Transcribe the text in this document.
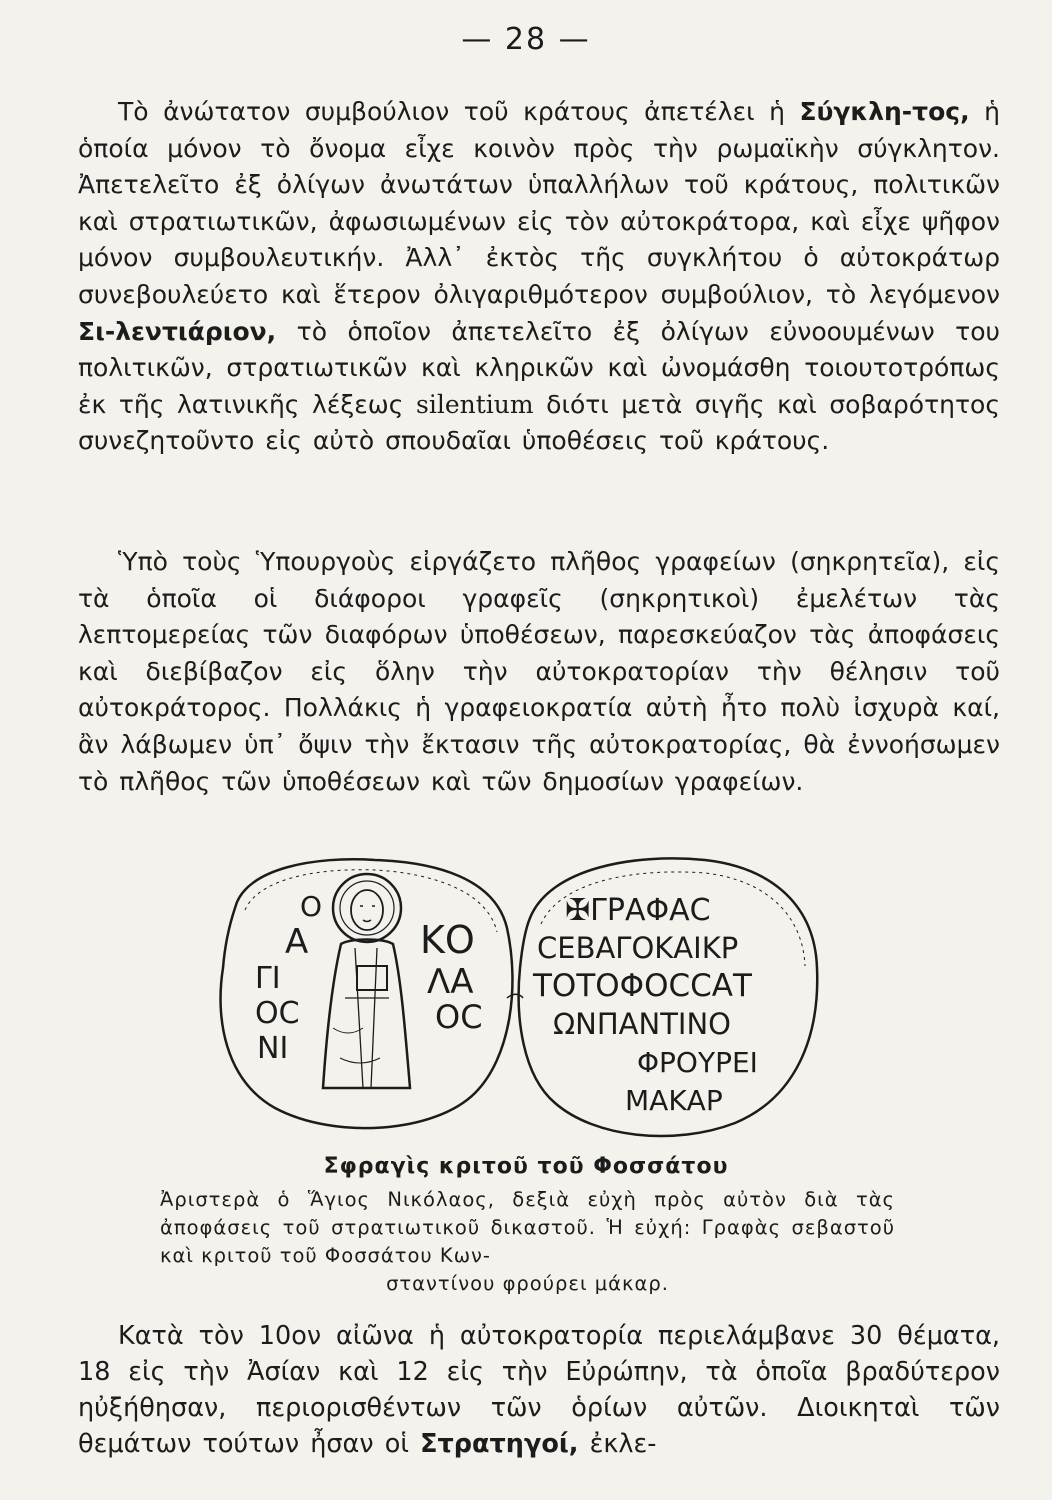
— 28 —

Τὸ ἀνώτατον συμβούλιον τοῦ κράτους ἀπετέλει ἡ Σύγκλη-τος, ἡ ὁποία μόνον τὸ ὄνομα εἶχε κοινὸν πρὸς τὴν ρωμαϊκὴν σύγκλητον. Ἀπετελεῖτο ἐξ ὀλίγων ἀνωτάτων ὑπαλλήλων τοῦ κράτους, πολιτικῶν καὶ στρατιωτικῶν, ἀφωσιωμένων εἰς τὸν αὐτοκράτορα, καὶ εἶχε ψῆφον μόνον συμβουλευτικήν. Ἀλλ᾽ ἐκτὸς τῆς συγκλήτου ὁ αὐτοκράτωρ συνεβουλεύετο καὶ ἕτερον ὀλιγαριθμότερον συμβούλιον, τὸ λεγόμενον Σι-λεντιάριον, τὸ ὁποῖον ἀπετελεῖτο ἐξ ὀλίγων εὐνοουμένων του πολιτικῶν, στρατιωτικῶν καὶ κληρικῶν καὶ ὠνομάσθη τοιουτοτρόπως ἐκ τῆς λατινικῆς λέξεως silentium διότι μετὰ σιγῆς καὶ σοβαρότητος συνεζητοῦντο εἰς αὐτὸ σπουδαῖαι ὑποθέσεις τοῦ κράτους.

Ὑπὸ τοὺς Ὑπουργοὺς εἰργάζετο πλῆθος γραφείων (σηκρητεῖα), εἰς τὰ ὁποῖα οἱ διάφοροι γραφεῖς (σηκρητικοὶ) ἐμελέτων τὰς λεπτομερείας τῶν διαφόρων ὑποθέσεων, παρεσκεύαζον τὰς ἀποφάσεις καὶ διεβίβαζον εἰς ὅλην τὴν αὐτοκρατορίαν τὴν θέλησιν τοῦ αὐτοκράτορος. Πολλάκις ἡ γραφειοκρατία αὐτὴ ἦτο πολὺ ἰσχυρὰ καί, ἂν λάβωμεν ὑπ᾽ ὄψιν τὴν ἔκτασιν τῆς αὐτοκρατορίας, θὰ ἐννοήσωμεν τὸ πλῆθος τῶν ὑποθέσεων καὶ τῶν δημοσίων γραφείων.

Ο
Α
ΓΙ
ΟC
ΝΙ
ΚΟ
ΛΑ
ΟC
✠ΓΡΑΦΑC
CΕΒΑΓΟΚΑΙΚΡ
ΤΟΤΟΦΟCCΑΤ
ΩΝΠΑΝΤΙΝΟ
ΦΡΟΥΡΕΙ
ΜΑΚΑΡ
Σφραγὶς κριτοῦ τοῦ Φοσσάτου

Ἀριστερὰ ὁ Ἅγιος Νικόλαος, δεξιὰ εὐχὴ πρὸς αὐτὸν διὰ τὰς ἀποφάσεις τοῦ στρατιωτικοῦ δικαστοῦ. Ἡ εὐχή: Γραφὰς σεβαστοῦ καὶ κριτοῦ τοῦ Φοσσάτου Κων-
σταντίνου φρούρει μάκαρ.

Κατὰ τὸν 10ον αἰῶνα ἡ αὐτοκρατορία περιελάμβανε 30 θέματα, 18 εἰς τὴν Ἀσίαν καὶ 12 εἰς τὴν Εὐρώπην, τὰ ὁποῖα βραδύτερον ηὐξήθησαν, περιορισθέντων τῶν ὁρίων αὐτῶν. Διοικηταὶ τῶν θεμάτων τούτων ἦσαν οἱ Στρατηγοί, ἐκλε-
